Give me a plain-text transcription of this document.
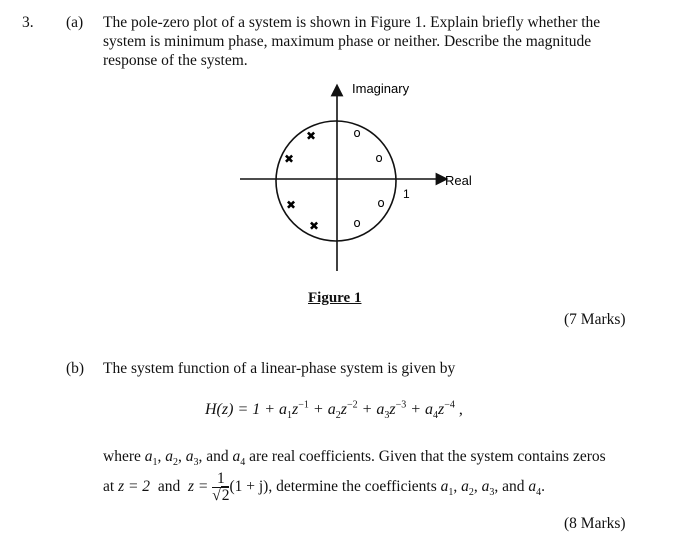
3. (a) The pole-zero plot of a system is shown in Figure 1. Explain briefly whether the
system is minimum phase, maximum phase or neither. Describe the magnitude
response of the system.
✖
✖
✖
✖
o
o
o
o
Imaginary
Real
1
Figure 1
(7 Marks)
(b) The system function of a linear-phase system is given by
$H(z) = 1 + a_1z^{-1} + a_2z^{-2} + a_3z^{-3} + a_4z^{-4}$ ,
where $a_1$, $a_2$, $a_3$, and $a_4$ are real coefficients. Given that the system contains zeros
at z = 2  and  $z = \frac{1}{√2} (1 + j)$, determine the coefficients $a_1$, $a_2$, $a_3$, and $a_4$.
(8 Marks)
